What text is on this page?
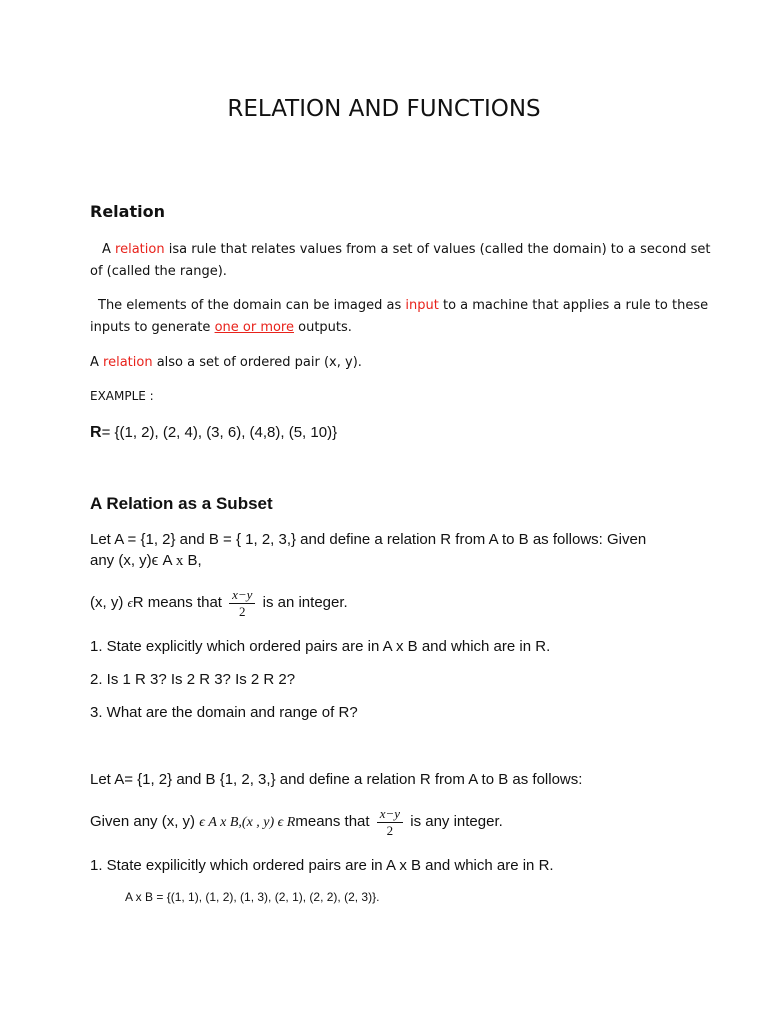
RELATION AND FUNCTIONS
Relation
A relation isa rule that relates values from a set of values (called the domain) to a second set
of (called the range).
The elements of the domain can be imaged as input to a machine that applies a rule to these
inputs to generate one or more outputs.
A relation also a set of ordered pair (x, y).
EXAMPLE :
R= {(1, 2), (2, 4), (3, 6), (4,8), (5, 10)}
A Relation as a Subset
Let A = {1, 2} and B = { 1, 2, 3,} and define a relation R from A to B as follows: Given
any (x, y)ϵ A x B,
(x, y) ϵR means that $\frac{x-y}{2}$ is an integer.
1. State explicitly which ordered pairs are in A x B and which are in R.
2. Is 1 R 3? Is 2 R 3? Is 2 R 2?
3. What are the domain and range of R?
Let A= {1, 2} and B {1, 2, 3,} and define a relation R from A to B as follows:
Given any (x, y) ϵ A x B,(x , y) ϵ Rmeans that $\frac{x-y}{2}$ is any integer.
1. State expilicitly which ordered pairs are in A x B and which are in R.
A x B = {(1, 1), (1, 2), (1, 3), (2, 1), (2, 2), (2, 3)}.
